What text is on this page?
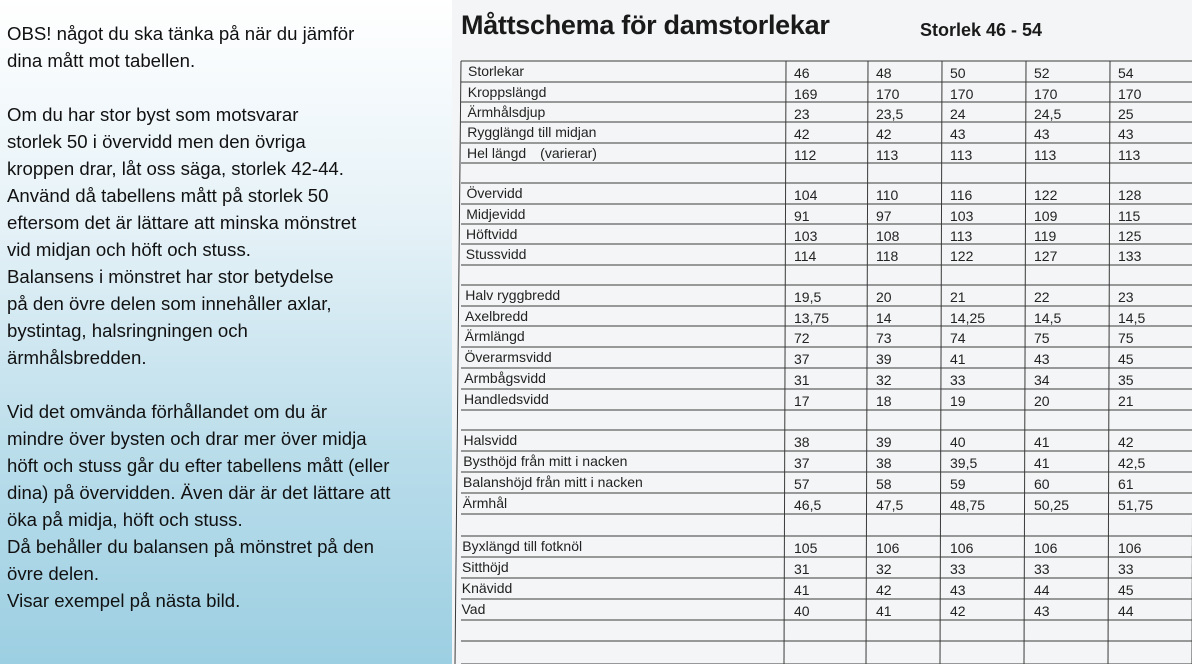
OBS! något du ska tänka på när du jämför
dina mått mot tabellen.
Om du har stor byst som motsvarar
storlek 50 i övervidd men den övriga
kroppen drar, låt oss säga, storlek 42-44.
Använd då tabellens mått på storlek 50
eftersom det är lättare att minska mönstret
vid midjan och höft och stuss.
Balansens i mönstret har stor betydelse
på den övre delen som innehåller axlar,
bystintag, halsringningen och
ärmhålsbredden.
Vid det omvända förhållandet om du är
mindre över bysten och drar mer över midja
höft och stuss går du efter tabellens mått (eller
dina) på övervidden. Även där är det lättare att
öka på midja, höft och stuss.
Då behåller du balansen på mönstret på den
övre delen.
Visar exempel på nästa bild.
Måttschema för damstorlekar	Storlek 46 - 54
Storlekar	46	48	50	52	54
Kroppslängd	169	170	170	170	170
Ärmhålsdjup	23	23,5	24	24,5	25
Rygglängd till midjan	42	42	43	43	43
Hel längd (varierar)	112	113	113	113	113
Övervidd	104	110	116	122	128
Midjevidd	91	97	103	109	115
Höftvidd	103	108	113	119	125
Stussvidd	114	118	122	127	133
Halv ryggbredd	19,5	20	21	22	23
Axelbredd	13,75	14	14,25	14,5	14,5
Ärmlängd	72	73	74	75	75
Överarmsvidd	37	39	41	43	45
Armbågsvidd	31	32	33	34	35
Handledsvidd	17	18	19	20	21
Halsvidd	38	39	40	41	42
Bysthöjd från mitt i nacken	37	38	39,5	41	42,5
Balanshöjd från mitt i nacken	57	58	59	60	61
Ärmhål	46,5	47,5	48,75	50,25	51,75
Byxlängd till fotknöl	105	106	106	106	106
Sitthöjd	31	32	33	33	33
Knävidd	41	42	43	44	45
Vad	40	41	42	43	44
